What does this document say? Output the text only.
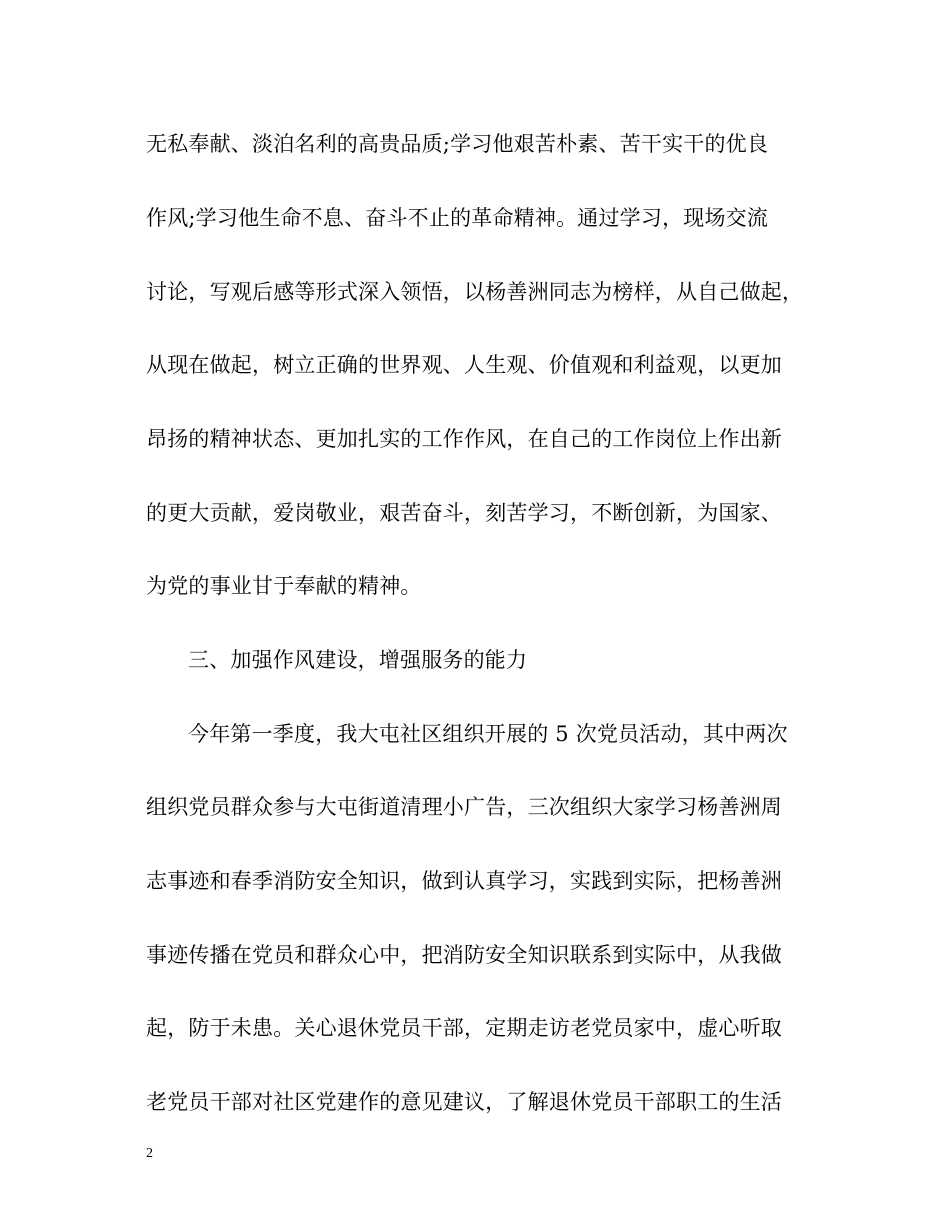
无私奉献、淡泊名利的高贵品质;学习他艰苦朴素、苦干实干的优良
作风;学习他生命不息、奋斗不止的革命精神。通过学习，现场交流
讨论，写观后感等形式深入领悟，以杨善洲同志为榜样，从自己做起，
从现在做起，树立正确的世界观、人生观、价值观和利益观，以更加
昂扬的精神状态、更加扎实的工作作风，在自己的工作岗位上作出新
的更大贡献，爱岗敬业，艰苦奋斗，刻苦学习，不断创新，为国家、
为党的事业甘于奉献的精神。
三、加强作风建设，增强服务的能力
今年第一季度，我大屯社区组织开展的 5 次党员活动，其中两次
组织党员群众参与大屯街道清理小广告，三次组织大家学习杨善洲周
志事迹和春季消防安全知识，做到认真学习，实践到实际，把杨善洲
事迹传播在党员和群众心中，把消防安全知识联系到实际中，从我做
起，防于未患。关心退休党员干部，定期走访老党员家中，虚心听取
老党员干部对社区党建作的意见建议，了解退休党员干部职工的生活
2
